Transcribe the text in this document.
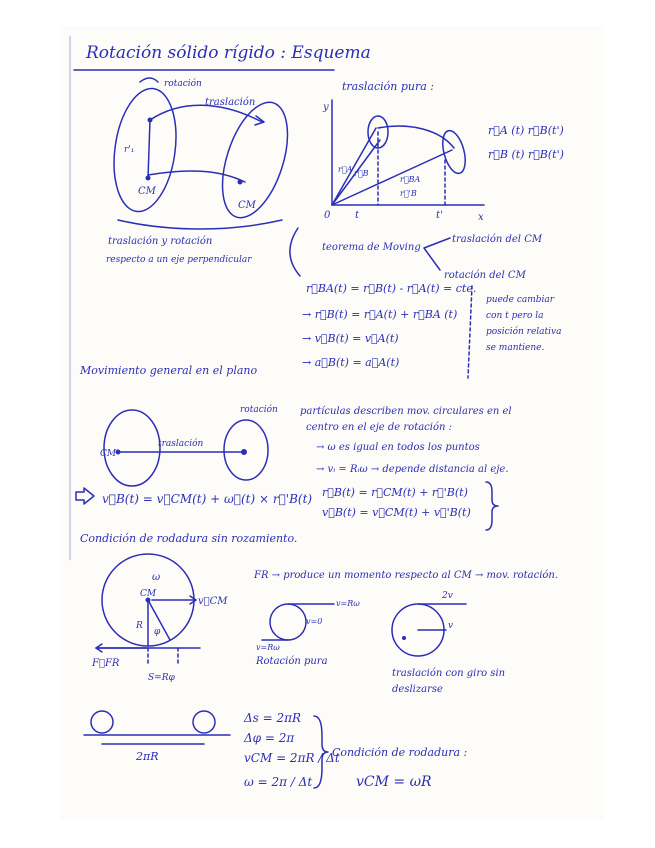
Rotación sólido rígido : Esquema
rotación
traslación
r'₁
CM
CM
traslación y rotación
respecto a un eje perpendicular
traslación pura :
y
x
0 t	t'
r⃗A r⃗B
r⃗BA
r⃗'B
r⃗A (t) r⃗B(t')
r⃗B (t) r⃗B(t')
teorema de Moving
traslación del CM
rotación del CM
r⃗BA(t) = r⃗B(t) - r⃗A(t) = cte.
→ r⃗B(t) = r⃗A(t) + r⃗BA (t)
→ v⃗B(t) = v⃗A(t)
→ a⃗B(t) = a⃗A(t)
puede cambiar
con t pero la
posición relativa
se mantiene.
Movimiento general en el plano
CM
traslación
rotación partículas describen mov. circulares en el
centro en el eje de rotación :
→ ω es igual en todos los puntos
→ vᵢ = Rᵢω → depende distancia al eje.
r⃗B(t) = r⃗CM(t) + r⃗'B(t)
v⃗B(t) = v⃗CM(t) + v⃗'B(t)
v⃗B(t) = v⃗CM(t) + ω⃗(t) × r⃗'B(t)
Condición de rodadura sin rozamiento.
FR → produce un momento respecto al CM → mov. rotación.
ω
CM
R
φ
v⃗CM
F⃗FR
S=Rφ
v=Rω
v=0
v=Rω
Rotación pura
2v
v
traslación con giro sin
deslizarse
2πR
Δs = 2πR
Δφ = 2π
vCM = 2πR / Δt
ω = 2π / Δt
Condición de rodadura :
vCM = ωR
